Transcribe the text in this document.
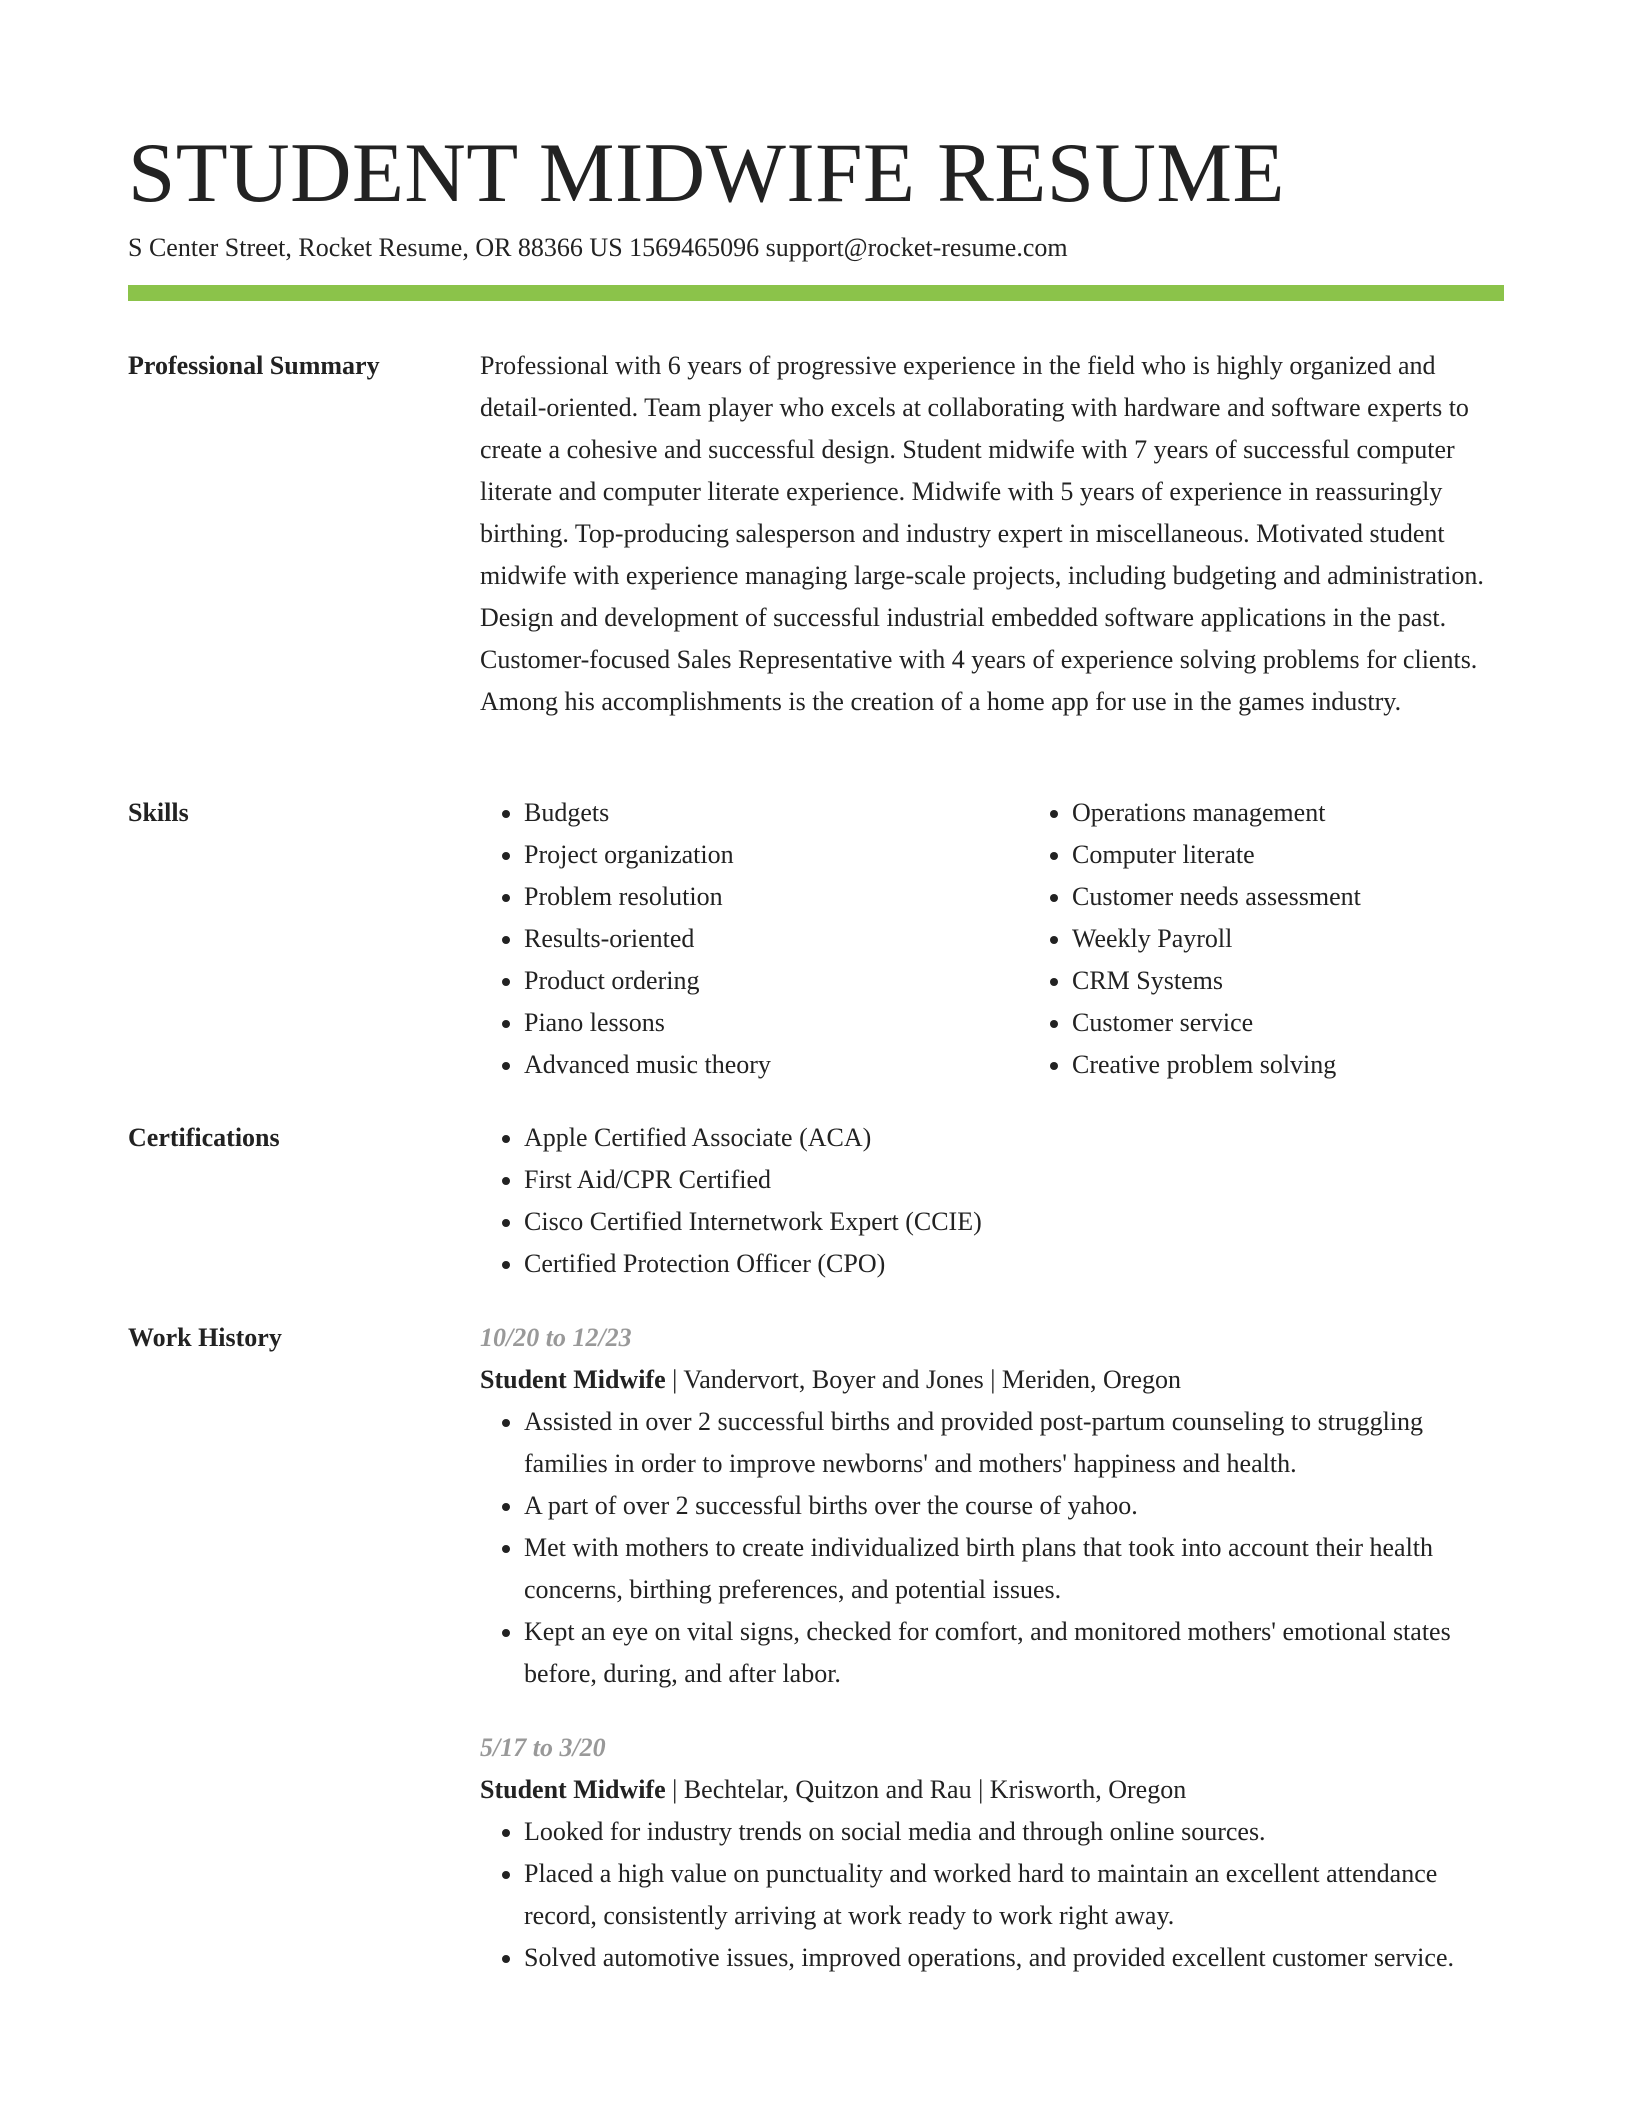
STUDENT MIDWIFE RESUME
S Center Street, Rocket Resume, OR 88366 US 1569465096 support@rocket-resume.com
Professional Summary	Professional with 6 years of progressive experience in the field who is highly organized and detail-oriented. Team player who excels at collaborating with hardware and software experts to create a cohesive and successful design. Student midwife with 7 years of successful computer literate and computer literate experience. Midwife with 5 years of experience in reassuringly birthing. Top-producing salesperson and industry expert in miscellaneous. Motivated student midwife with experience managing large-scale projects, including budgeting and administration. Design and development of successful industrial embedded software applications in the past. Customer-focused Sales Representative with 4 years of experience solving problems for clients. Among his accomplishments is the creation of a home app for use in the games industry.

Skills	• Budgets
• Project organization
• Problem resolution
• Results-oriented
• Product ordering
• Piano lessons
• Advanced music theory
• Operations management
• Computer literate
• Customer needs assessment
• Weekly Payroll
• CRM Systems
• Customer service
• Creative problem solving
Certifications	• Apple Certified Associate (ACA)
• First Aid/CPR Certified
• Cisco Certified Internetwork Expert (CCIE)
• Certified Protection Officer (CPO)
Work History	10/20 to 12/23
Student Midwife | Vandervort, Boyer and Jones | Meriden, Oregon
• Assisted in over 2 successful births and provided post-partum counseling to struggling families in order to improve newborns' and mothers' happiness and health.
• A part of over 2 successful births over the course of yahoo.
• Met with mothers to create individualized birth plans that took into account their health concerns, birthing preferences, and potential issues.
• Kept an eye on vital signs, checked for comfort, and monitored mothers' emotional states before, during, and after labor.
5/17 to 3/20
Student Midwife | Bechtelar, Quitzon and Rau | Krisworth, Oregon
• Looked for industry trends on social media and through online sources.
• Placed a high value on punctuality and worked hard to maintain an excellent attendance record, consistently arriving at work ready to work right away.
• Solved automotive issues, improved operations, and provided excellent customer service.
